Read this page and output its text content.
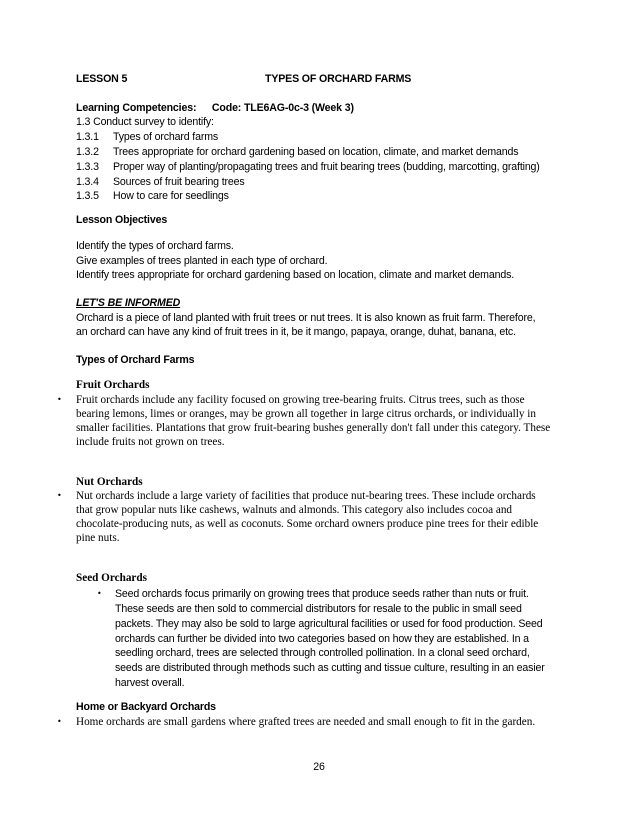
LESSON 5	TYPES OF ORCHARD FARMS
Learning Competencies: Code: TLE6AG-0c-3 (Week 3)
1.3 Conduct survey to identify:
1.3.1 Types of orchard farms
1.3.2 Trees appropriate for orchard gardening based on location, climate, and market demands
1.3.3 Proper way of planting/propagating trees and fruit bearing trees (budding, marcotting, grafting)
1.3.4 Sources of fruit bearing trees
1.3.5 How to care for seedlings
Lesson Objectives
Identify the types of orchard farms.
Give examples of trees planted in each type of orchard.
Identify trees appropriate for orchard gardening based on location, climate and market demands.
LET'S BE INFORMED
Orchard is a piece of land planted with fruit trees or nut trees. It is also known as fruit farm. Therefore,
an orchard can have any kind of fruit trees in it, be it mango, papaya, orange, duhat, banana, etc.
Types of Orchard Farms
Fruit Orchards
• Fruit orchards include any facility focused on growing tree-bearing fruits. Citrus trees, such as those
bearing lemons, limes or oranges, may be grown all together in large citrus orchards, or individually in
smaller facilities. Plantations that grow fruit-bearing bushes generally don't fall under this category. These
include fruits not grown on trees.
Nut Orchards
• Nut orchards include a large variety of facilities that produce nut-bearing trees. These include orchards
that grow popular nuts like cashews, walnuts and almonds. This category also includes cocoa and
chocolate-producing nuts, as well as coconuts. Some orchard owners produce pine trees for their edible
pine nuts.
Seed Orchards
• Seed orchards focus primarily on growing trees that produce seeds rather than nuts or fruit.
These seeds are then sold to commercial distributors for resale to the public in small seed
packets. They may also be sold to large agricultural facilities or used for food production. Seed
orchards can further be divided into two categories based on how they are established. In a
seedling orchard, trees are selected through controlled pollination. In a clonal seed orchard,
seeds are distributed through methods such as cutting and tissue culture, resulting in an easier
harvest overall.
Home or Backyard Orchards
• Home orchards are small gardens where grafted trees are needed and small enough to fit in the garden.
26
